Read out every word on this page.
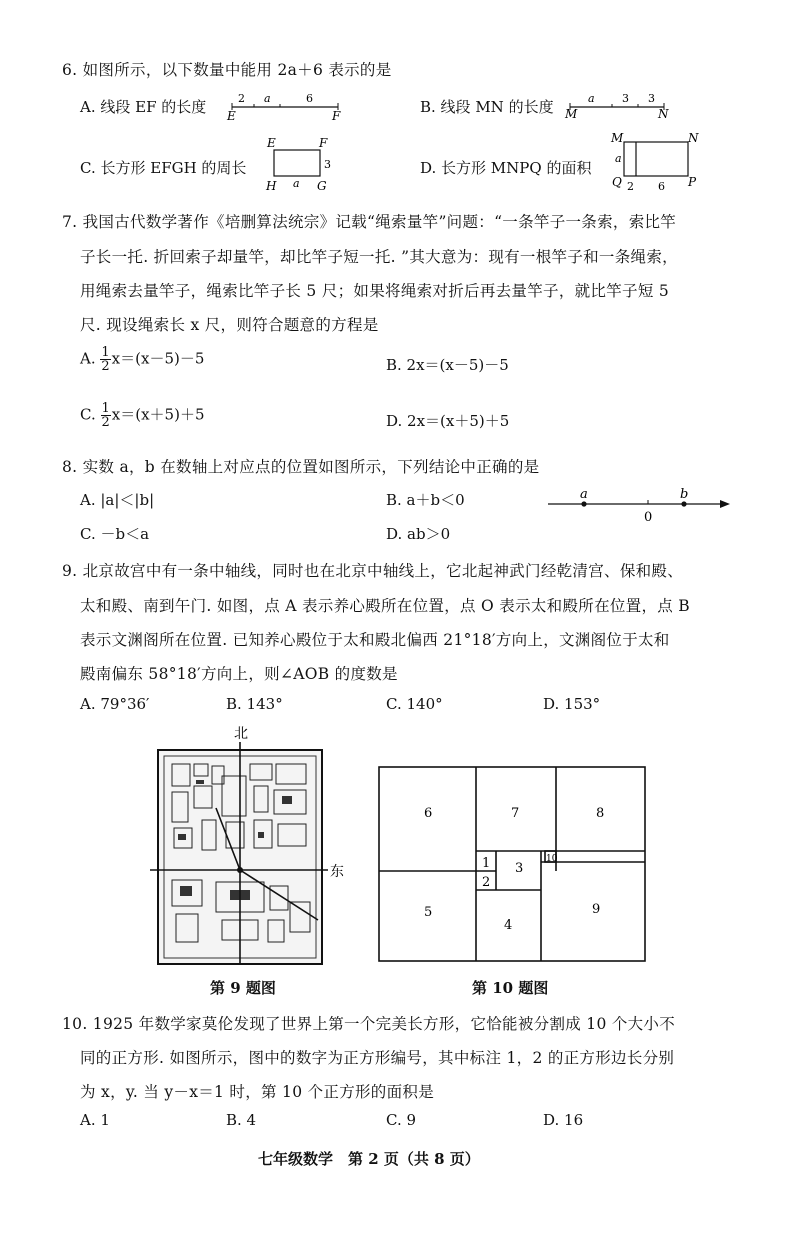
6. 如图所示，以下数量中能用 2a＋6 表示的是
A. 线段 EF 的长度	2 a	6
E	F	B. 线段 MN 的长度	a 3 3
M	N
C. 长方形 EFGH 的周长
E	F
H	G
3
a
D. 长方形 MNPQ 的面积
M	N
Q	P
a
2 6
7. 我国古代数学著作《培删算法统宗》记载“绳索量竿”问题：“一条竿子一条索，索比竿
子长一托. 折回索子却量竿，却比竿子短一托. ”其大意为：现有一根竿子和一条绳索，
用绳索去量竿子，绳索比竿子长 5 尺；如果将绳索对折后再去量竿子，就比竿子短 5
尺. 现设绳索长 x 尺，则符合题意的方程是
A. $\frac{1}{2} x=(x-5)-5$	B. 2x＝(x－5)－5
C. $\frac{1}{2} x=(x+5)+5$	D. 2x＝(x＋5)＋5
8. 实数 a，b 在数轴上对应点的位置如图所示，下列结论中正确的是
A. |a|＜|b|	B. a＋b＜0
C. －b＜a	D. ab＞0
a
0
b
9. 北京故宫中有一条中轴线，同时也在北京中轴线上，它北起神武门经乾清宫、保和殿、
太和殿、南到午门. 如图，点 A 表示养心殿所在位置，点 O 表示太和殿所在位置，点 B
表示文渊阁所在位置. 已知养心殿位于太和殿北偏西 21°18′方向上，文渊阁位于太和
殿南偏东 58°18′方向上，则∠AOB 的度数是
A. 79°36′	B. 143°	C. 140°	D. 153°
北
东
第 9 题图
6	7	8
1
2
3
10
5
4
9
第 10 题图
10. 1925 年数学家莫伦发现了世界上第一个完美长方形，它恰能被分割成 10 个大小不
同的正方形. 如图所示，图中的数字为正方形编号，其中标注 1，2 的正方形边长分别
为 x，y. 当 y－x＝1 时，第 10 个正方形的面积是
A. 1	B. 4	C. 9	D. 16
七年级数学　第 2 页（共 8 页）
